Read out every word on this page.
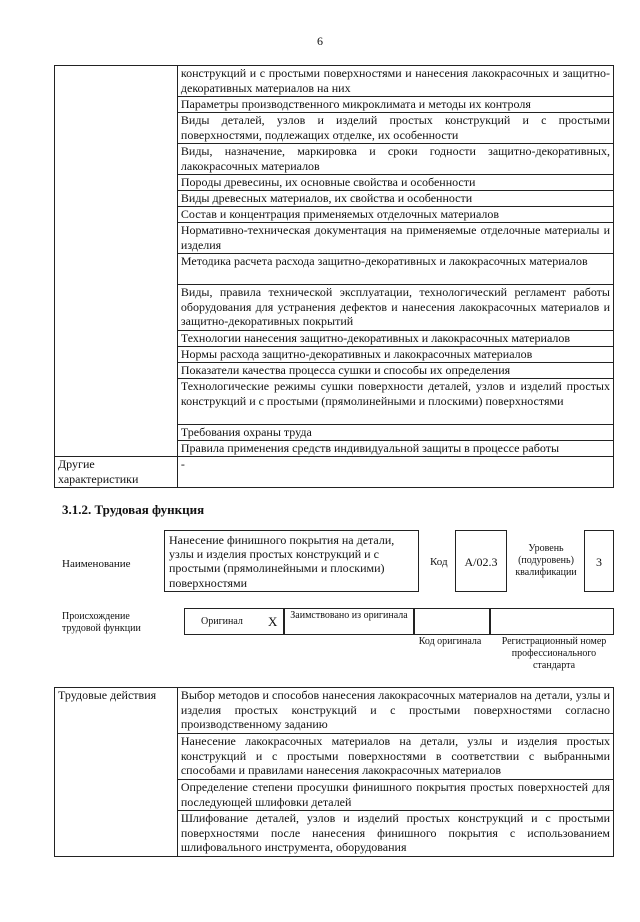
6
	конструкций и с простыми поверхностями и нанесения лакокрасочных и защитно-декоративных материалов на них
	Параметры производственного микроклимата и методы их контроля
	Виды деталей, узлов и изделий простых конструкций и с простыми поверхностями, подлежащих отделке, их особенности
	Виды, назначение, маркировка и сроки годности защитно-декоративных, лакокрасочных материалов
	Породы древесины, их основные свойства и особенности
	Виды древесных материалов, их свойства и особенности
	Состав и концентрация применяемых отделочных материалов
	Нормативно-техническая документация на применяемые отделочные материалы и изделия
	Методика расчета расхода защитно-декоративных и лакокрасочных материалов
	Виды, правила технической эксплуатации, технологический регламент работы оборудования для устранения дефектов и нанесения лакокрасочных материалов и защитно-декоративных покрытий
	Технологии нанесения защитно-декоративных и лакокрасочных материалов
	Нормы расхода защитно-декоративных и лакокрасочных материалов
	Показатели качества процесса сушки и способы их определения
	Технологические режимы сушки поверхности деталей, узлов и изделий простых конструкций и с простыми (прямолинейными и плоскими) поверхностями
	Требования охраны труда
	Правила применения средств индивидуальной защиты в процессе работы
Другие характеристики	-
3.1.2. Трудовая функция
Наименование
Нанесение финишного покрытия на детали, узлы и изделия простых конструкций и с простыми (прямолинейными и плоскими) поверхностями
Код	А/02.3
Уровень (подуровень) квалификации
3
Происхождение трудовой функции
Оригинал X	Заимствовано из оригинала
Код оригинала	Регистрационный номер профессионального стандарта
Трудовые действия	Выбор методов и способов нанесения лакокрасочных материалов на детали, узлы и изделия простых конструкций и с простыми поверхностями согласно производственному заданию
Нанесение лакокрасочных материалов на детали, узлы и изделия простых конструкций и с простыми поверхностями в соответствии с выбранными способами и правилами нанесения лакокрасочных материалов
Определение степени просушки финишного покрытия простых поверхностей для последующей шлифовки деталей
Шлифование деталей, узлов и изделий простых конструкций и с простыми поверхностями после нанесения финишного покрытия с использованием шлифовального инструмента, оборудования
